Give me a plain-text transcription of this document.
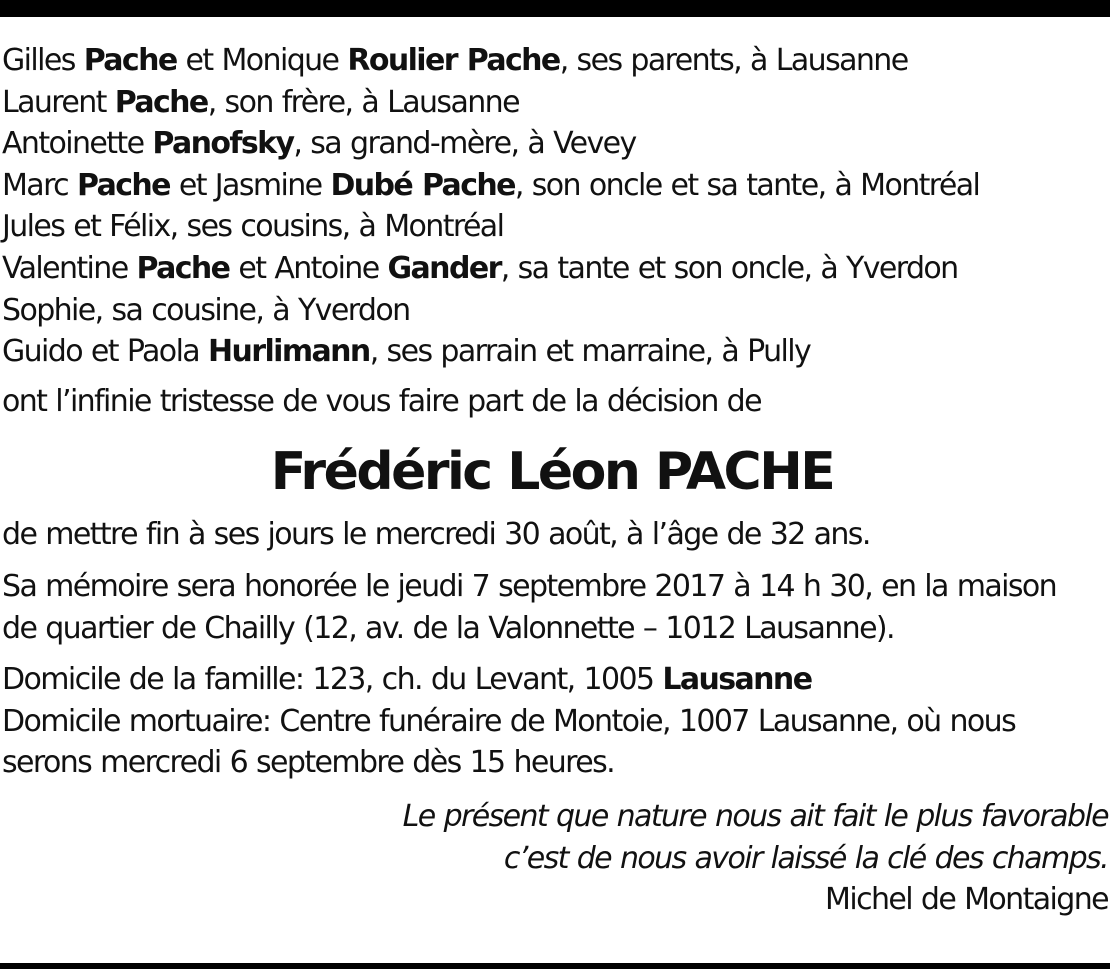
Gilles Pache et Monique Roulier Pache, ses parents, à Lausanne
Laurent Pache, son frère, à Lausanne
Antoinette Panofsky, sa grand-mère, à Vevey
Marc Pache et Jasmine Dubé Pache, son oncle et sa tante, à Montréal
Jules et Félix, ses cousins, à Montréal
Valentine Pache et Antoine Gander, sa tante et son oncle, à Yverdon
Sophie, sa cousine, à Yverdon
Guido et Paola Hurlimann, ses parrain et marraine, à Pully
ont l’infinie tristesse de vous faire part de la décision de
Frédéric Léon PACHE
de mettre fin à ses jours le mercredi 30 août, à l’âge de 32 ans.
Sa mémoire sera honorée le jeudi 7 septembre 2017 à 14 h 30, en la maison
de quartier de Chailly (12, av. de la Valonnette – 1012 Lausanne).
Domicile de la famille: 123, ch. du Levant, 1005 Lausanne
Domicile mortuaire: Centre funéraire de Montoie, 1007 Lausanne, où nous
serons mercredi 6 septembre dès 15 heures.
Le présent que nature nous ait fait le plus favorable
c’est de nous avoir laissé la clé des champs.
Michel de Montaigne
